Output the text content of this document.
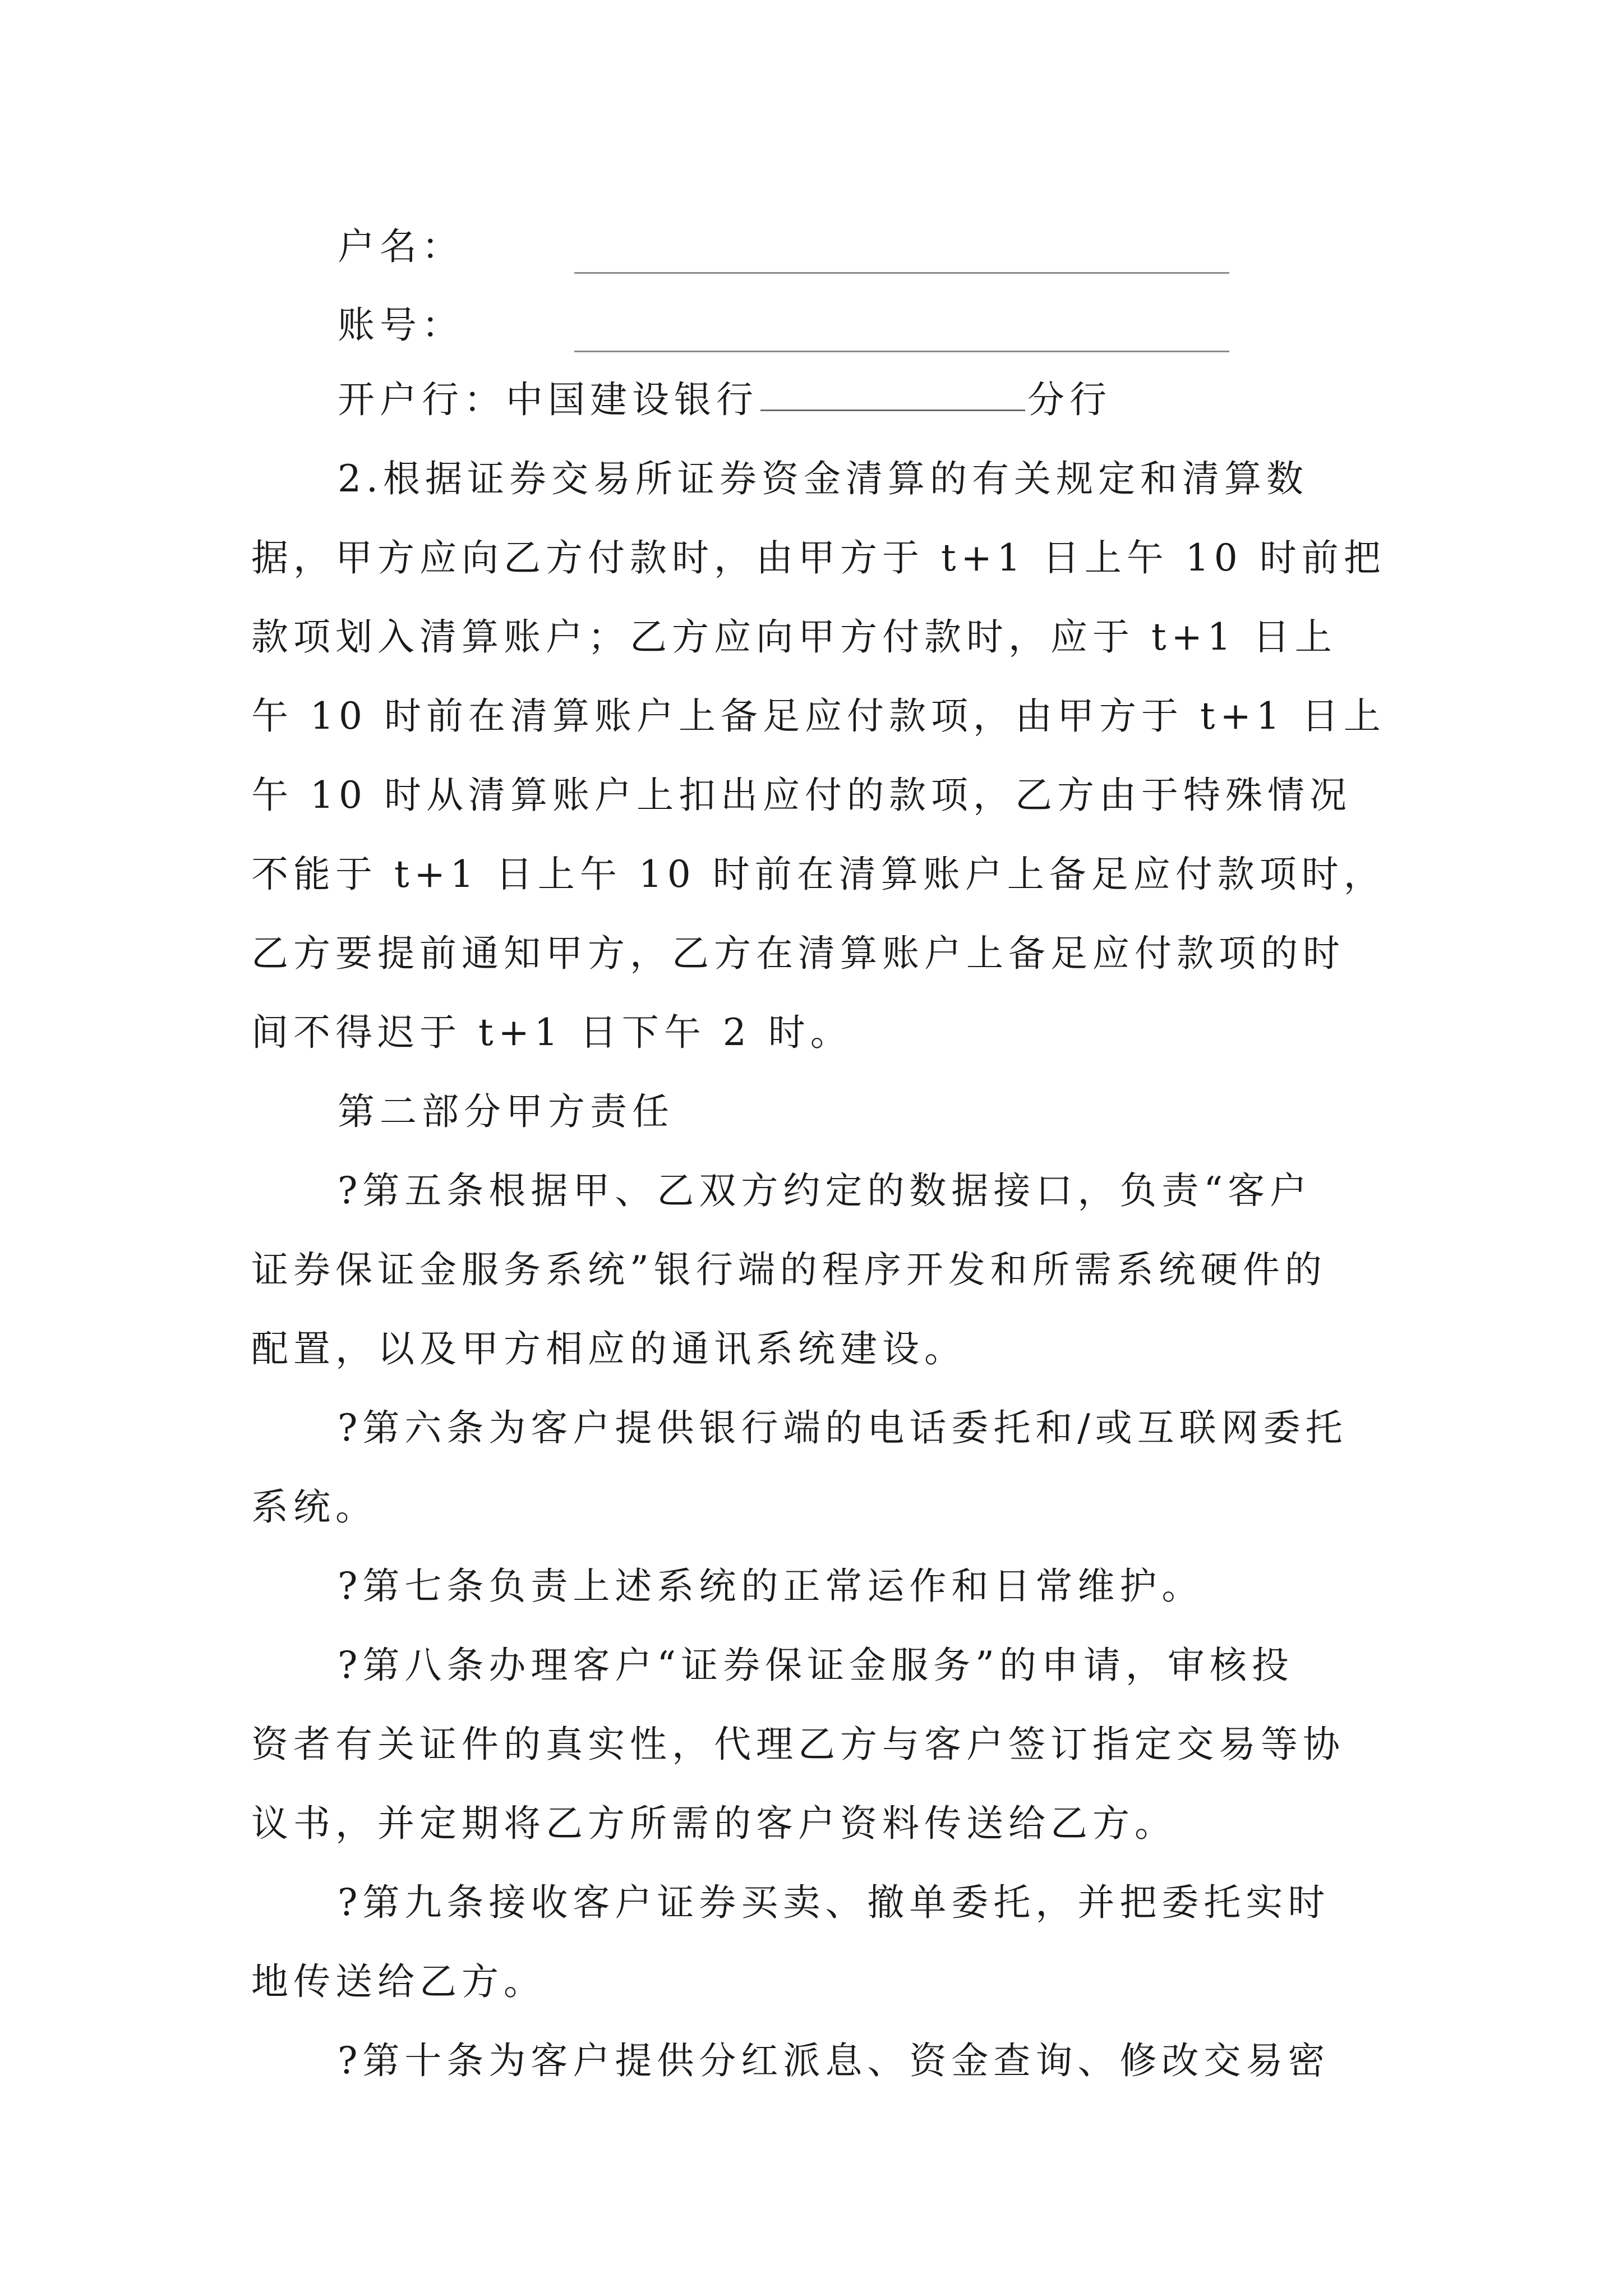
户名：
账号：
开户行：中国建设银行	分行
2.根据证券交易所证券资金清算的有关规定和清算数
据，甲方应向乙方付款时，由甲方于 t+1 日上午 10 时前把
款项划入清算账户；乙方应向甲方付款时，应于 t+1 日上
午 10 时前在清算账户上备足应付款项，由甲方于 t+1 日上
午 10 时从清算账户上扣出应付的款项，乙方由于特殊情况
不能于 t+1 日上午 10 时前在清算账户上备足应付款项时，
乙方要提前通知甲方，乙方在清算账户上备足应付款项的时
间不得迟于 t+1 日下午 2 时。
第二部分甲方责任
?第五条根据甲、乙双方约定的数据接口，负责“客户
证券保证金服务系统”银行端的程序开发和所需系统硬件的
配置，以及甲方相应的通讯系统建设。
?第六条为客户提供银行端的电话委托和/或互联网委托
系统。
?第七条负责上述系统的正常运作和日常维护。
?第八条办理客户“证券保证金服务”的申请，审核投
资者有关证件的真实性，代理乙方与客户签订指定交易等协
议书，并定期将乙方所需的客户资料传送给乙方。
?第九条接收客户证券买卖、撤单委托，并把委托实时
地传送给乙方。
?第十条为客户提供分红派息、资金查询、修改交易密
